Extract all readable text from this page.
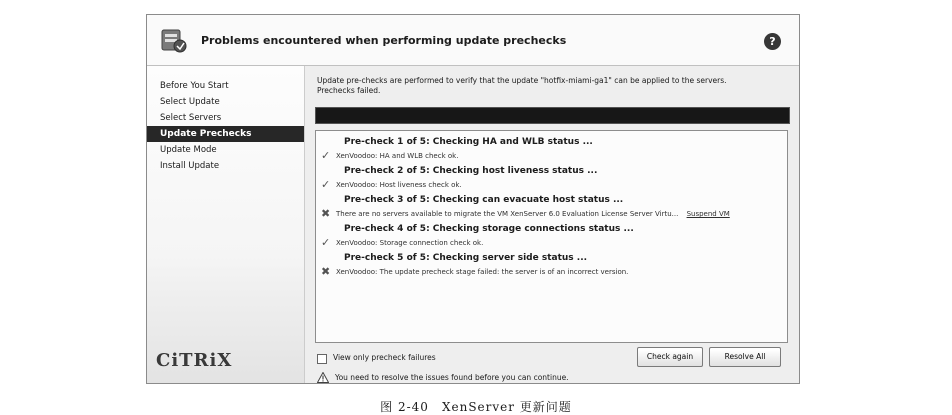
Problems encountered when performing update prechecks	?
Before You Start
Select Update
Select Servers
Update Prechecks
Update Mode
Install Update
CiTRiX
Update pre-checks are performed to verify that the update "hotfix-miami-ga1" can be applied to the servers.
Prechecks failed.
Pre-check 1 of 5: Checking HA and WLB status ...
✓ XenVoodoo: HA and WLB check ok.
Pre-check 2 of 5: Checking host liveness status ...
✓ XenVoodoo: Host liveness check ok.
Pre-check 3 of 5: Checking can evacuate host status ...
✖ There are no servers available to migrate the VM XenServer 6.0 Evaluation License Server Virtu... Suspend VM
Pre-check 4 of 5: Checking storage connections status ...
✓ XenVoodoo: Storage connection check ok.
Pre-check 5 of 5: Checking server side status ...
✖ XenVoodoo: The update precheck stage failed: the server is of an incorrect version.
View only precheck failures
You need to resolve the issues found before you can continue.
Check again	Resolve All
图 2-40　XenServer 更新问题
